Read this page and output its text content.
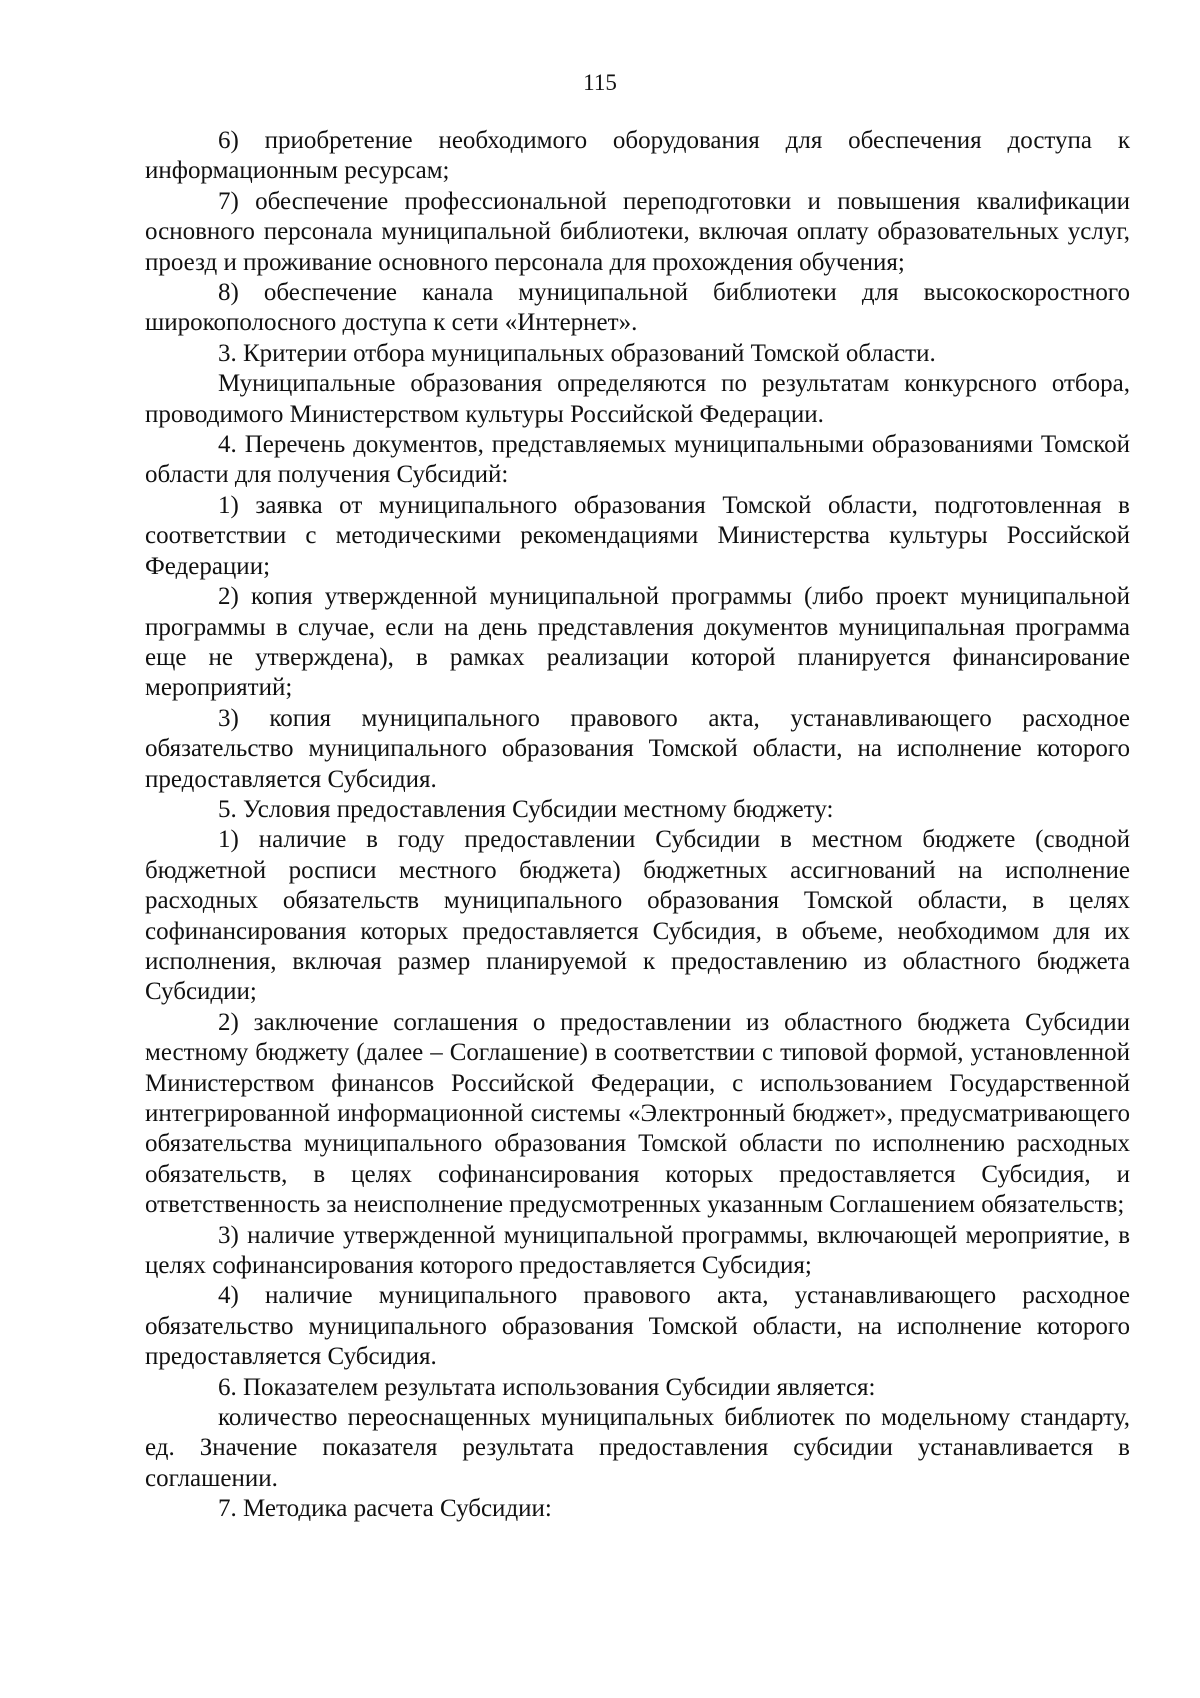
115

6) приобретение необходимого оборудования для обеспечения доступа к информационным ресурсам;

7) обеспечение профессиональной переподготовки и повышения квалификации основного персонала муниципальной библиотеки, включая оплату образовательных услуг, проезд и проживание основного персонала для прохождения обучения;

8) обеспечение канала муниципальной библиотеки для высокоскоростного широкополосного доступа к сети «Интернет».

3. Критерии отбора муниципальных образований Томской области.

Муниципальные образования определяются по результатам конкурсного отбора, проводимого Министерством культуры Российской Федерации.

4. Перечень документов, представляемых муниципальными образованиями Томской области для получения Субсидий:

1) заявка от муниципального образования Томской области, подготовленная в соответствии с методическими рекомендациями Министерства культуры Российской Федерации;

2) копия утвержденной муниципальной программы (либо проект муниципальной программы в случае, если на день представления документов муниципальная программа еще не утверждена), в рамках реализации которой планируется финансирование мероприятий;

3) копия муниципального правового акта, устанавливающего расходное обязательство муниципального образования Томской области, на исполнение которого предоставляется Субсидия.

5. Условия предоставления Субсидии местному бюджету:

1) наличие в году предоставлении Субсидии в местном бюджете (сводной бюджетной росписи местного бюджета) бюджетных ассигнований на исполнение расходных обязательств муниципального образования Томской области, в целях софинансирования которых предоставляется Субсидия, в объеме, необходимом для их исполнения, включая размер планируемой к предоставлению из областного бюджета Субсидии;

2) заключение соглашения о предоставлении из областного бюджета Субсидии местному бюджету (далее – Соглашение) в соответствии с типовой формой, установленной Министерством финансов Российской Федерации, с использованием Государственной интегрированной информационной системы «Электронный бюджет», предусматривающего обязательства муниципального образования Томской области по исполнению расходных обязательств, в целях софинансирования которых предоставляется Субсидия, и ответственность за неисполнение предусмотренных указанным Соглашением обязательств;

3) наличие утвержденной муниципальной программы, включающей мероприятие, в целях софинансирования которого предоставляется Субсидия;

4) наличие муниципального правового акта, устанавливающего расходное обязательство муниципального образования Томской области, на исполнение которого предоставляется Субсидия.

6. Показателем результата использования Субсидии является:

количество переоснащенных муниципальных библиотек по модельному стандарту, ед. Значение показателя результата предоставления субсидии устанавливается в соглашении.

7. Методика расчета Субсидии:
